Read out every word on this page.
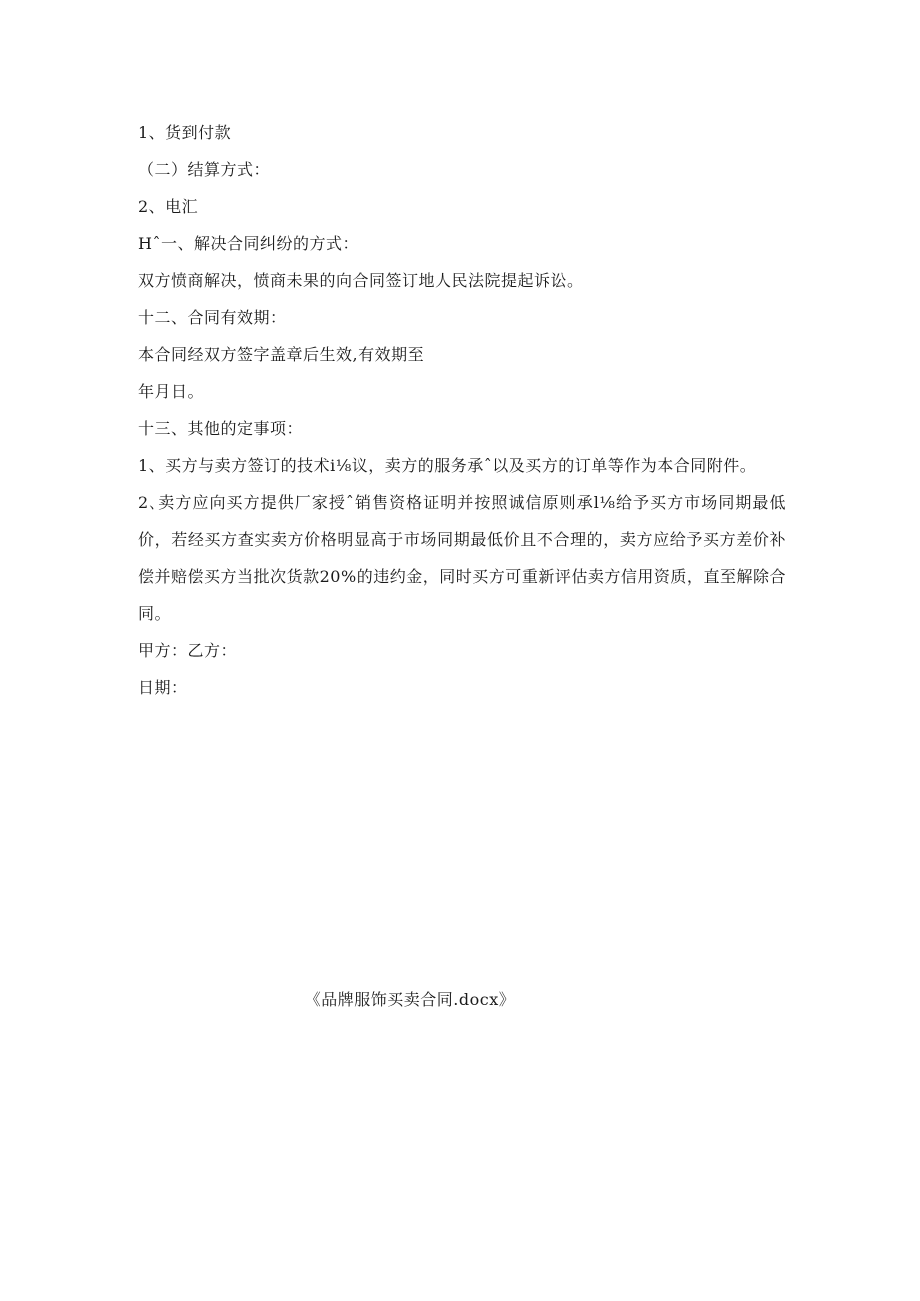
1、货到付款
（二）结算方式：
2、电汇
Hˆ一、解决合同纠纷的方式：
双方愤商解决，愤商未果的向合同签订地人民法院提起诉讼。
十二、合同有效期：
本合同经双方签字盖章后生效,有效期至
年月日。
十三、其他的定事项：
1、买方与卖方签订的技术i⅛议，卖方的服务承ˆ以及买方的订单等作为本合同附件。
2､卖方应向买方提供厂家授ˆ销售资格证明并按照诚信原则承l⅛给予买方市场同期最低价，若经买方查实卖方价格明显高于市场同期最低价且不合理的，卖方应给予买方差价补偿并赔偿买方当批次货款20%的违约金，同时买方可重新评估卖方信用资质，直至解除合同。
甲方：乙方：
日期：
《品牌服饰买卖合同.docx》
